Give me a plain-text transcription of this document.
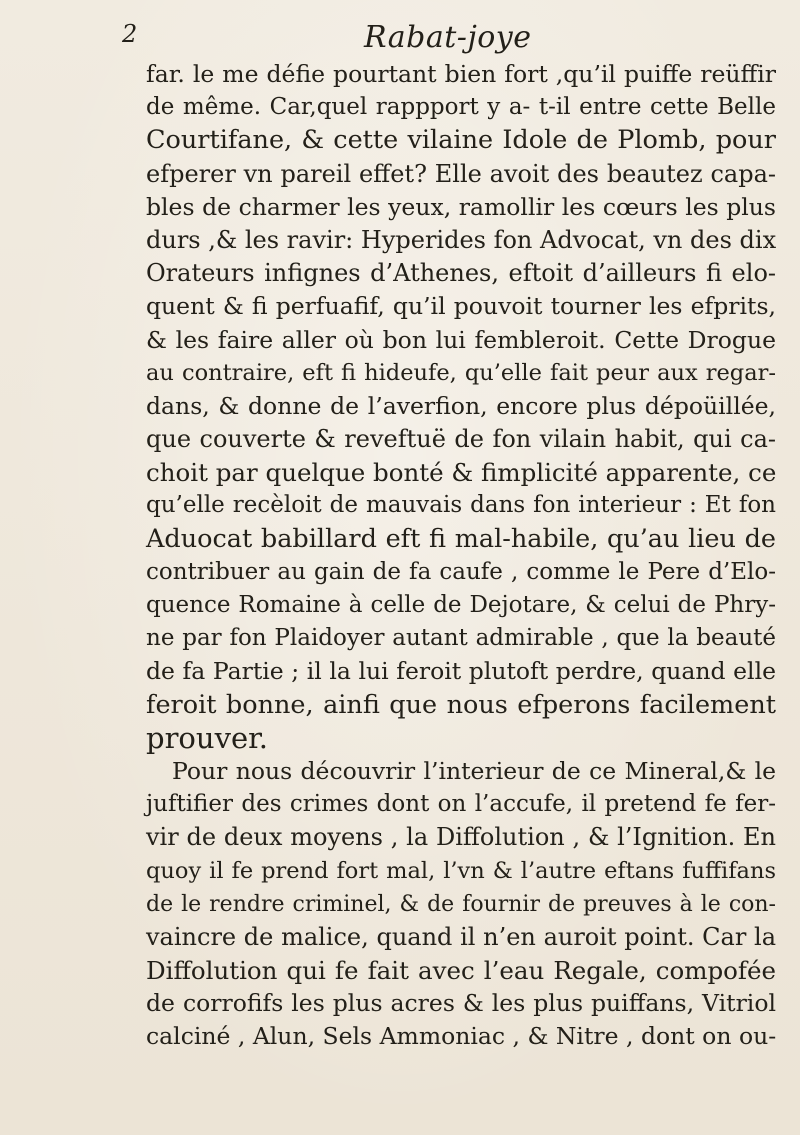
2	Rabat-joye
far. le me défie pourtant bien fort ,qu’il puiffe reüffir
de même. Car,quel rappport y a- t-il entre cette Belle
Courtifane, & cette vilaine Idole de Plomb, pour
efperer vn pareil effet? Elle avoit des beautez capa-
bles de charmer les yeux, ramollir les cœurs les plus
durs ,& les ravir: Hyperides fon Advocat, vn des dix
Orateurs infignes d’Athenes, eftoit d’ailleurs fi elo-
quent & fi perfuafif, qu’il pouvoit tourner les efprits,
& les faire aller où bon lui fembleroit. Cette Drogue
au contraire, eft fi hideufe, qu’elle fait peur aux regar-
dans, & donne de l’averfion, encore plus dépoüillée,
que couverte & reveftuë de fon vilain habit, qui ca-
choit par quelque bonté & fimplicité apparente, ce
qu’elle recèloit de mauvais dans fon interieur : Et fon
Aduocat babillard eft fi mal-habile, qu’au lieu de
contribuer au gain de fa caufe , comme le Pere d’Elo-
quence Romaine à celle de Dejotare, & celui de Phry-
ne par fon Plaidoyer autant admirable , que la beauté
de fa Partie ; il la lui feroit plutoft perdre, quand elle
feroit bonne, ainfi que nous efperons facilement
prouver.
Pour nous découvrir l’interieur de ce Mineral,& le
juftifier des crimes dont on l’accufe, il pretend fe fer-
vir de deux moyens , la Diffolution , & l’Ignition. En
quoy il fe prend fort mal, l’vn & l’autre eftans fuffifans
de le rendre criminel, & de fournir de preuves à le con-
vaincre de malice, quand il n’en auroit point. Car la
Diffolution qui fe fait avec l’eau Regale, compofée
de corrofifs les plus acres & les plus puiffans, Vitriol
calciné , Alun, Sels Ammoniac , & Nitre , dont on ou-
